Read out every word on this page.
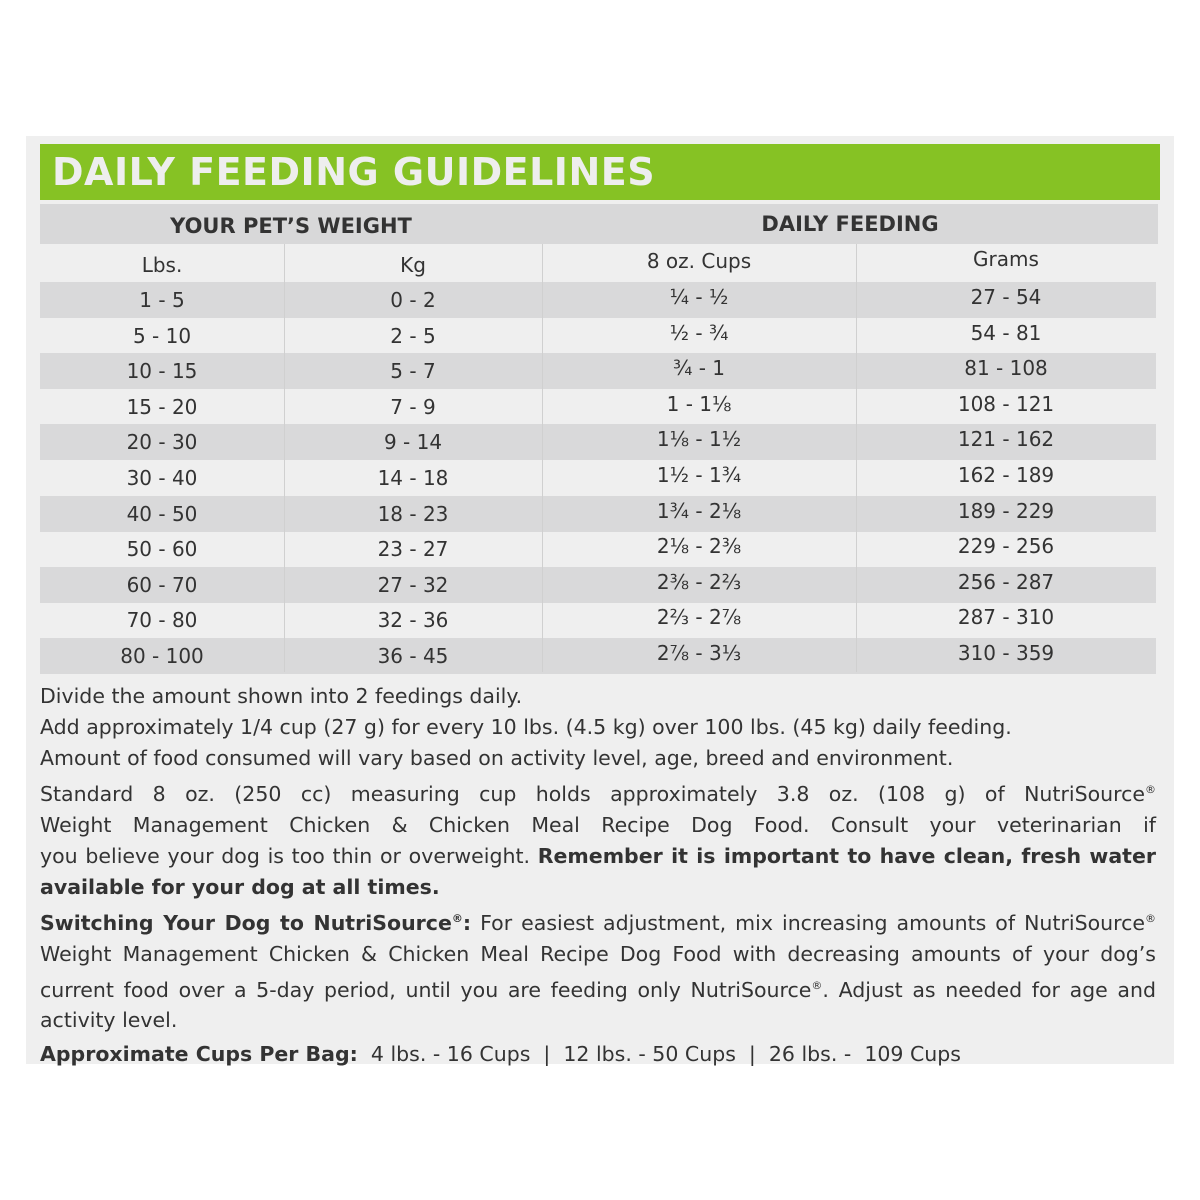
DAILY FEEDING GUIDELINES
YOUR PET’S WEIGHT	DAILY FEEDING
Lbs.	Kg	8 oz. Cups	Grams
1 - 5	0 - 2	¼ - ½	27 - 54
5 - 10	2 - 5	½ - ¾	54 - 81
10 - 15	5 - 7	¾ - 1	81 - 108
15 - 20	7 - 9	1 - 1⅛	108 - 121
20 - 30	9 - 14	1⅛ - 1½	121 - 162
30 - 40	14 - 18	1½ - 1¾	162 - 189
40 - 50	18 - 23	1¾ - 2⅛	189 - 229
50 - 60	23 - 27	2⅛ - 2⅜	229 - 256
60 - 70	27 - 32	2⅜ - 2⅔	256 - 287
70 - 80	32 - 36	2⅔ - 2⅞	287 - 310
80 - 100	36 - 45	2⅞ - 3⅓	310 - 359

Divide the amount shown into 2 feedings daily.

Add approximately 1/4 cup (27 g) for every 10 lbs. (4.5 kg) over 100 lbs. (45 kg) daily feeding.

Amount of food consumed will vary based on activity level, age, breed and environment.

Standard 8 oz. (250 cc) measuring cup holds approximately 3.8 oz. (108 g) of NutriSource®

Weight Management Chicken & Chicken Meal Recipe Dog Food. Consult your veterinarian if

you believe your dog is too thin or overweight. Remember it is important to have clean, fresh water available for your dog at all times.

Switching Your Dog to NutriSource®: For easiest adjustment, mix increasing amounts of NutriSource® Weight Management Chicken & Chicken Meal Recipe Dog Food with decreasing amounts of your dog’s current food over a 5-day period, until you are feeding only NutriSource®. Adjust as needed for age and activity level.

Approximate Cups Per Bag:  4 lbs. - 16 Cups  |  12 lbs. - 50 Cups  |  26 lbs. -  109 Cups
